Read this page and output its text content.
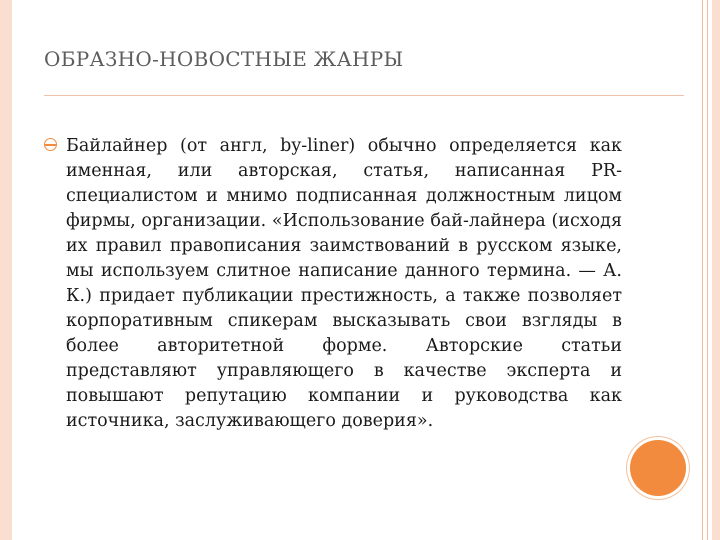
ОБРАЗНО-НОВОСТНЫЕ ЖАНРЫ
Байлайнер (от англ, by-liner) обычно определяется как именная, или авторская, статья, написанная PR-специалистом и мнимо подписанная должностным лицом фирмы, организации. «Использование бай-лайнера (исходя их правил правописания заимствований в русском языке, мы используем слитное написание данного термина. — А. К.) придает публикации престижность, а также позволяет корпоративным спикерам высказывать свои взгляды в более авторитетной форме. Авторские статьи представляют управляющего в качестве эксперта и повышают репутацию компании и руководства как источника, заслуживающего доверия».
